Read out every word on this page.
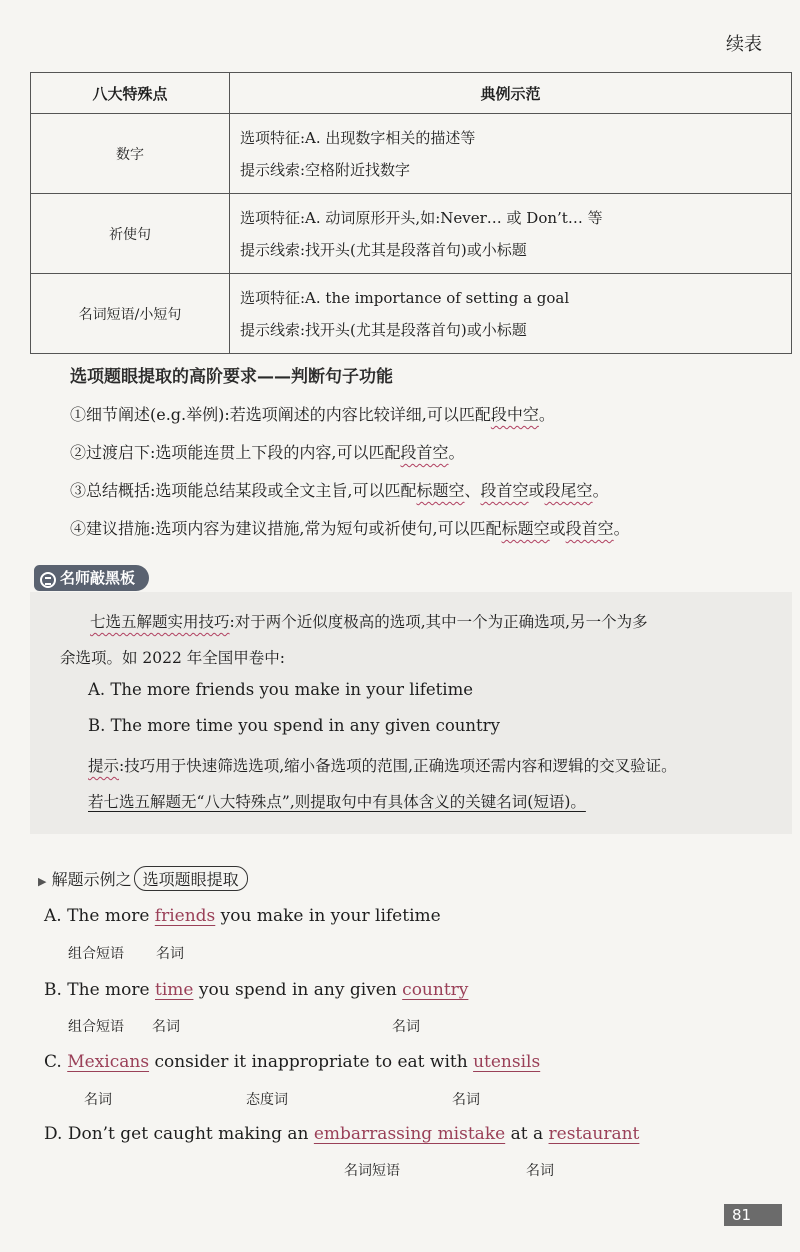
续表
八大特殊点	典例示范
数字	选项特征:A. 出现数字相关的描述等
提示线索:空格附近找数字

祈使句	选项特征:A. 动词原形开头,如:Never… 或 Don’t… 等
提示线索:找开头(尤其是段落首句)或小标题

名词短语/小短句	选项特征:A. the importance of setting a goal
提示线索:找开头(尤其是段落首句)或小标题
选项题眼提取的高阶要求——判断句子功能
①细节阐述(e.g.举例):若选项阐述的内容比较详细,可以匹配段中空。
②过渡启下:选项能连贯上下段的内容,可以匹配段首空。
③总结概括:选项能总结某段或全文主旨,可以匹配标题空、段首空或段尾空。
④建议措施:选项内容为建议措施,常为短句或祈使句,可以匹配标题空或段首空。
名师敲黑板
七选五解题实用技巧:对于两个近似度极高的选项,其中一个为正确选项,另一个为多
余选项。如 2022 年全国甲卷中:
A. The more friends you make in your lifetime
B. The more time you spend in any given country
提示:技巧用于快速筛选选项,缩小备选项的范围,正确选项还需内容和逻辑的交叉验证。
若七选五解题无“八大特殊点”,则提取句中有具体含义的关键名词(短语)。
▶ 解题示例之 选项题眼提取
A. The more friends you make in your lifetime
组合短语 名词
B. The more time you spend in any given country
组合短语 名词	名词
C. Mexicans consider it inappropriate to eat with utensils
名词	态度词	名词
D. Don’t get caught making an embarrassing mistake at a restaurant
名词短语	名词
81
